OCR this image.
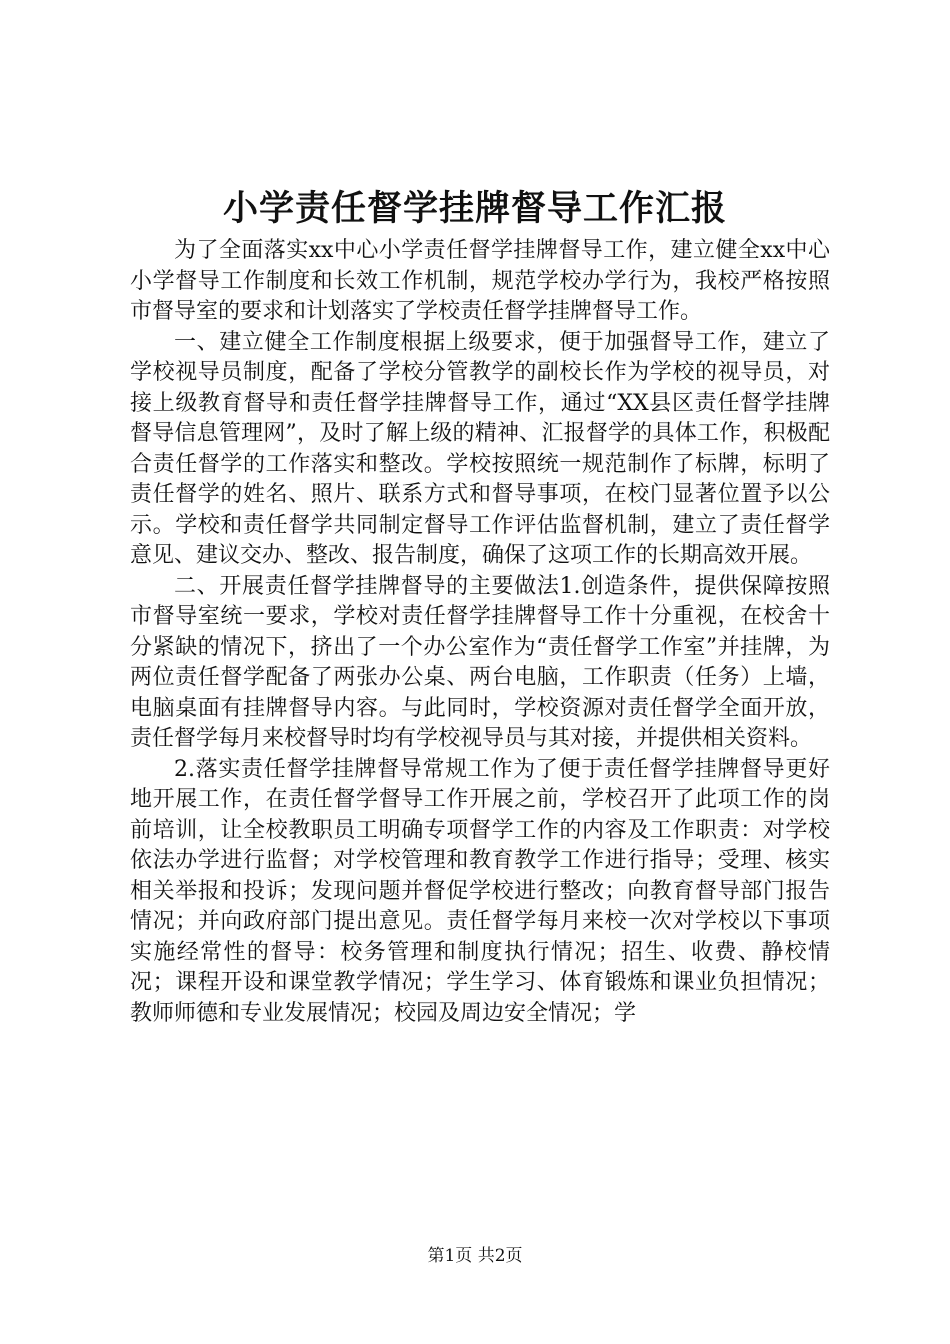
小学责任督学挂牌督导工作汇报

为了全面落实xx中心小学责任督学挂牌督导工作，建立健全xx中心小学督导工作制度和长效工作机制，规范学校办学行为，我校严格按照市督导室的要求和计划落实了学校责任督学挂牌督导工作。

一、建立健全工作制度根据上级要求，便于加强督导工作，建立了学校视导员制度，配备了学校分管教学的副校长作为学校的视导员，对接上级教育督导和责任督学挂牌督导工作，通过“XX县区责任督学挂牌督导信息管理网”，及时了解上级的精神、汇报督学的具体工作，积极配合责任督学的工作落实和整改。学校按照统一规范制作了标牌，标明了责任督学的姓名、照片、联系方式和督导事项，在校门显著位置予以公示。学校和责任督学共同制定督导工作评估监督机制，建立了责任督学意见、建议交办、整改、报告制度，确保了这项工作的长期高效开展。

二、开展责任督学挂牌督导的主要做法1.创造条件，提供保障按照市督导室统一要求，学校对责任督学挂牌督导工作十分重视，在校舍十分紧缺的情况下，挤出了一个办公室作为“责任督学工作室”并挂牌，为两位责任督学配备了两张办公桌、两台电脑，工作职责（任务）上墙，电脑桌面有挂牌督导内容。与此同时，学校资源对责任督学全面开放，责任督学每月来校督导时均有学校视导员与其对接，并提供相关资料。

2.落实责任督学挂牌督导常规工作为了便于责任督学挂牌督导更好地开展工作，在责任督学督导工作开展之前，学校召开了此项工作的岗前培训，让全校教职员工明确专项督学工作的内容及工作职责：对学校依法办学进行监督；对学校管理和教育教学工作进行指导；受理、核实相关举报和投诉；发现问题并督促学校进行整改；向教育督导部门报告情况；并向政府部门提出意见。责任督学每月来校一次对学校以下事项实施经常性的督导：校务管理和制度执行情况；招生、收费、静校情况；课程开设和课堂教学情况；学生学习、体育锻炼和课业负担情况；教师师德和专业发展情况；校园及周边安全情况；学

第1页 共2页
